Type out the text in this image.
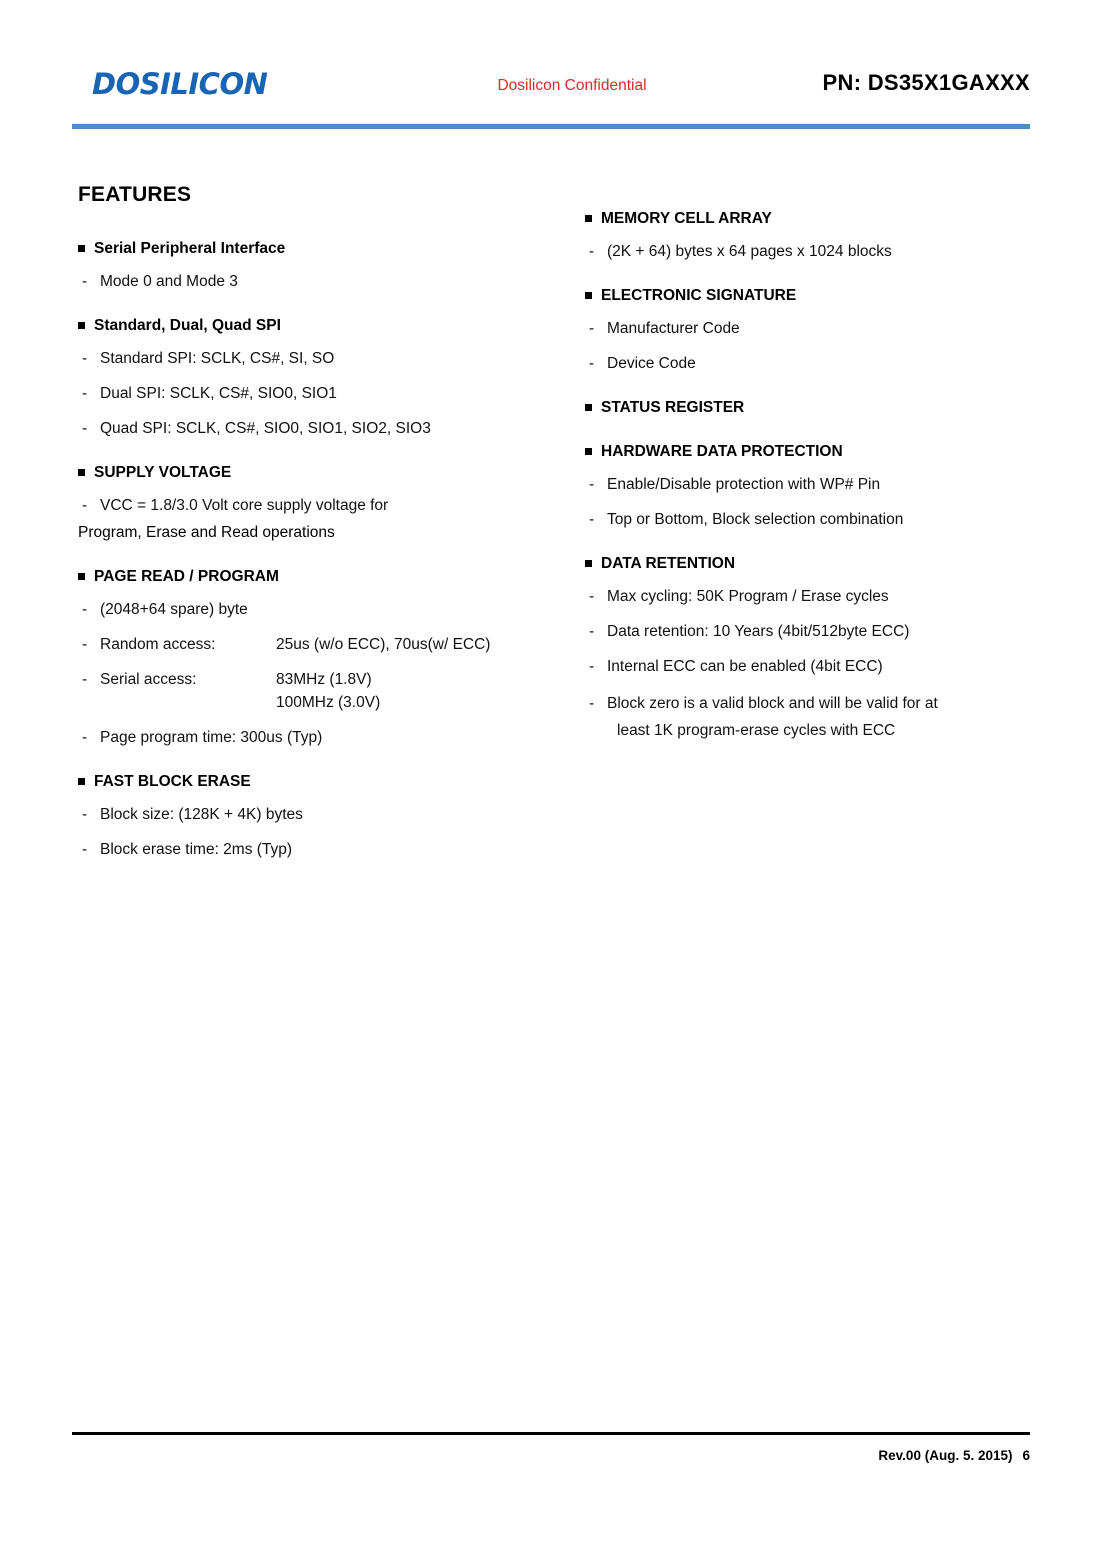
DOSILICON	Dosilicon Confidential	PN: DS35X1GAXXX
FEATURES
Serial Peripheral Interface
- Mode 0 and Mode 3
Standard, Dual, Quad SPI
- Standard SPI: SCLK, CS#, SI, SO
- Dual SPI: SCLK, CS#, SIO0, SIO1
- Quad SPI: SCLK, CS#, SIO0, SIO1, SIO2, SIO3
SUPPLY VOLTAGE
- VCC = 1.8/3.0 Volt core supply voltage for
Program, Erase and Read operations
PAGE READ / PROGRAM
- (2048+64 spare) byte
- Random access:	25us (w/o ECC), 70us(w/ ECC)
- Serial access:	83MHz (1.8V)
100MHz (3.0V)
- Page program time: 300us (Typ)
FAST BLOCK ERASE
- Block size: (128K + 4K) bytes
- Block erase time: 2ms (Typ)
MEMORY CELL ARRAY
- (2K + 64) bytes x 64 pages x 1024 blocks
ELECTRONIC SIGNATURE
- Manufacturer Code
- Device Code
STATUS REGISTER
HARDWARE DATA PROTECTION
- Enable/Disable protection with WP# Pin
- Top or Bottom, Block selection combination
DATA RETENTION
- Max cycling: 50K Program / Erase cycles
- Data retention: 10 Years (4bit/512byte ECC)
- Internal ECC can be enabled (4bit ECC)
- Block zero is a valid block and will be valid for at
least 1K program-erase cycles with ECC
Rev.00 (Aug. 5. 2015) 6
